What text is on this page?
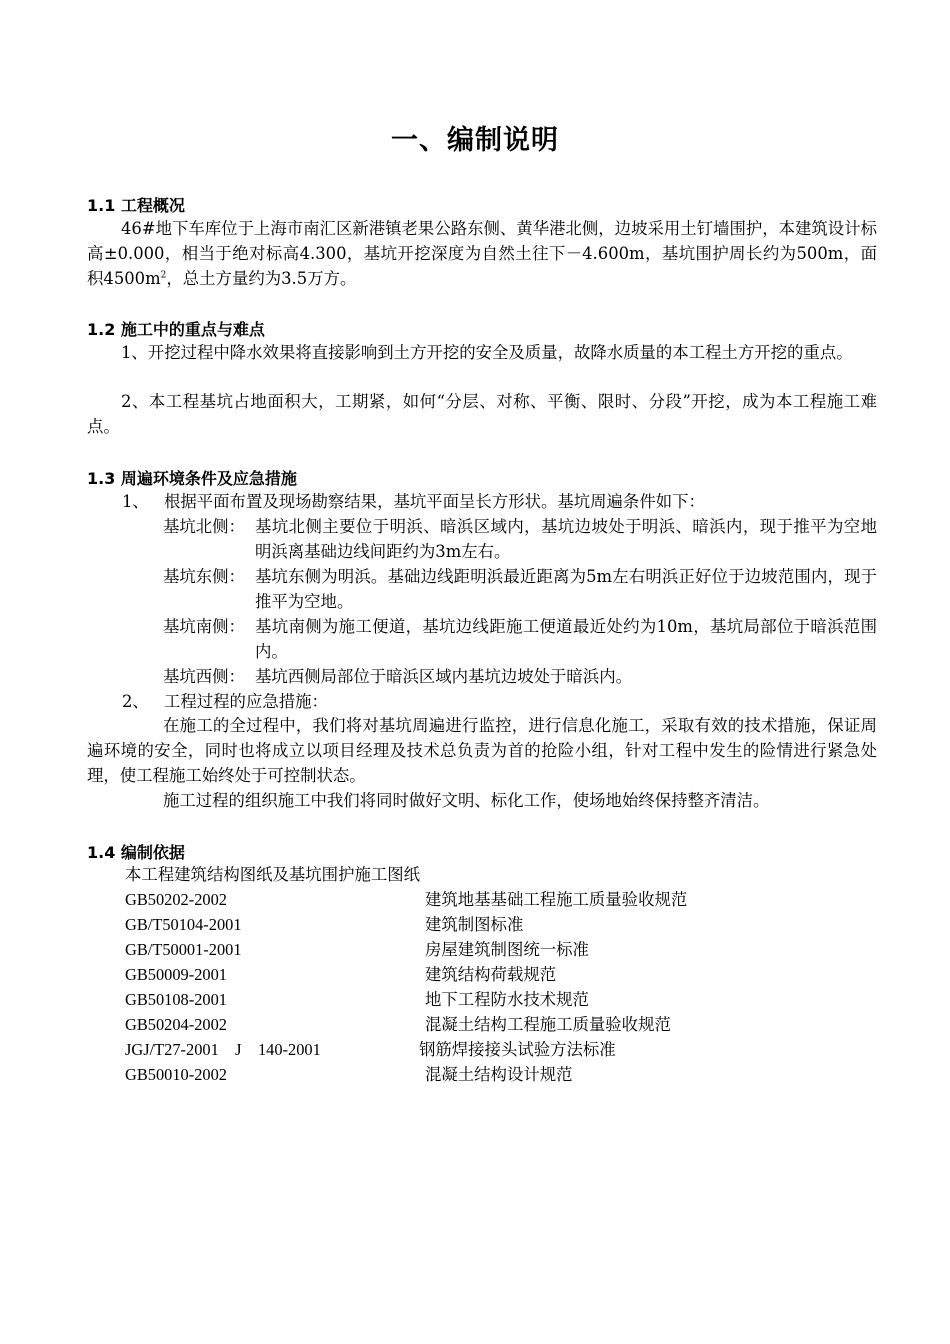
一、编制说明
1.1 工程概况
46#地下车库位于上海市南汇区新港镇老果公路东侧、黄华港北侧，边坡采用土钉墙围护，本建筑设计标高±0.000，相当于绝对标高4.300，基坑开挖深度为自然土往下－4.600m，基坑围护周长约为500m，面积$4500m^2$，总土方量约为3.5万方。
1.2 施工中的重点与难点
1、开挖过程中降水效果将直接影响到土方开挖的安全及质量，故降水质量的本工程土方开挖的重点。
2、本工程基坑占地面积大，工期紧，如何“分层、对称、平衡、限时、分段”开挖，成为本工程施工难点。
1.3 周遍环境条件及应急措施
1、 根据平面布置及现场勘察结果，基坑平面呈长方形状。基坑周遍条件如下：
基坑北侧： 基坑北侧主要位于明浜、暗浜区域内，基坑边坡处于明浜、暗浜内，现于推平为空地明浜离基础边线间距约为3m左右。
基坑东侧： 基坑东侧为明浜。基础边线距明浜最近距离为5m左右明浜正好位于边坡范围内，现于推平为空地。
基坑南侧： 基坑南侧为施工便道，基坑边线距施工便道最近处约为10m，基坑局部位于暗浜范围内。
基坑西侧： 基坑西侧局部位于暗浜区域内基坑边坡处于暗浜内。
2、 工程过程的应急措施：
在施工的全过程中，我们将对基坑周遍进行监控，进行信息化施工，采取有效的技术措施，保证周遍环境的安全，同时也将成立以项目经理及技术总负责为首的抢险小组，针对工程中发生的险情进行紧急处理，使工程施工始终处于可控制状态。
施工过程的组织施工中我们将同时做好文明、标化工作，使场地始终保持整齐清洁。
1.4 编制依据
本工程建筑结构图纸及基坑围护施工图纸
GB50202-2002	建筑地基基础工程施工质量验收规范
GB/T50104-2001	建筑制图标准
GB/T50001-2001	房屋建筑制图统一标准
GB50009-2001	建筑结构荷载规范
GB50108-2001	地下工程防水技术规范
GB50204-2002	混凝土结构工程施工质量验收规范
JGJ/T27-2001    J    140-2001	钢筋焊接接头试验方法标准
GB50010-2002	混凝土结构设计规范
